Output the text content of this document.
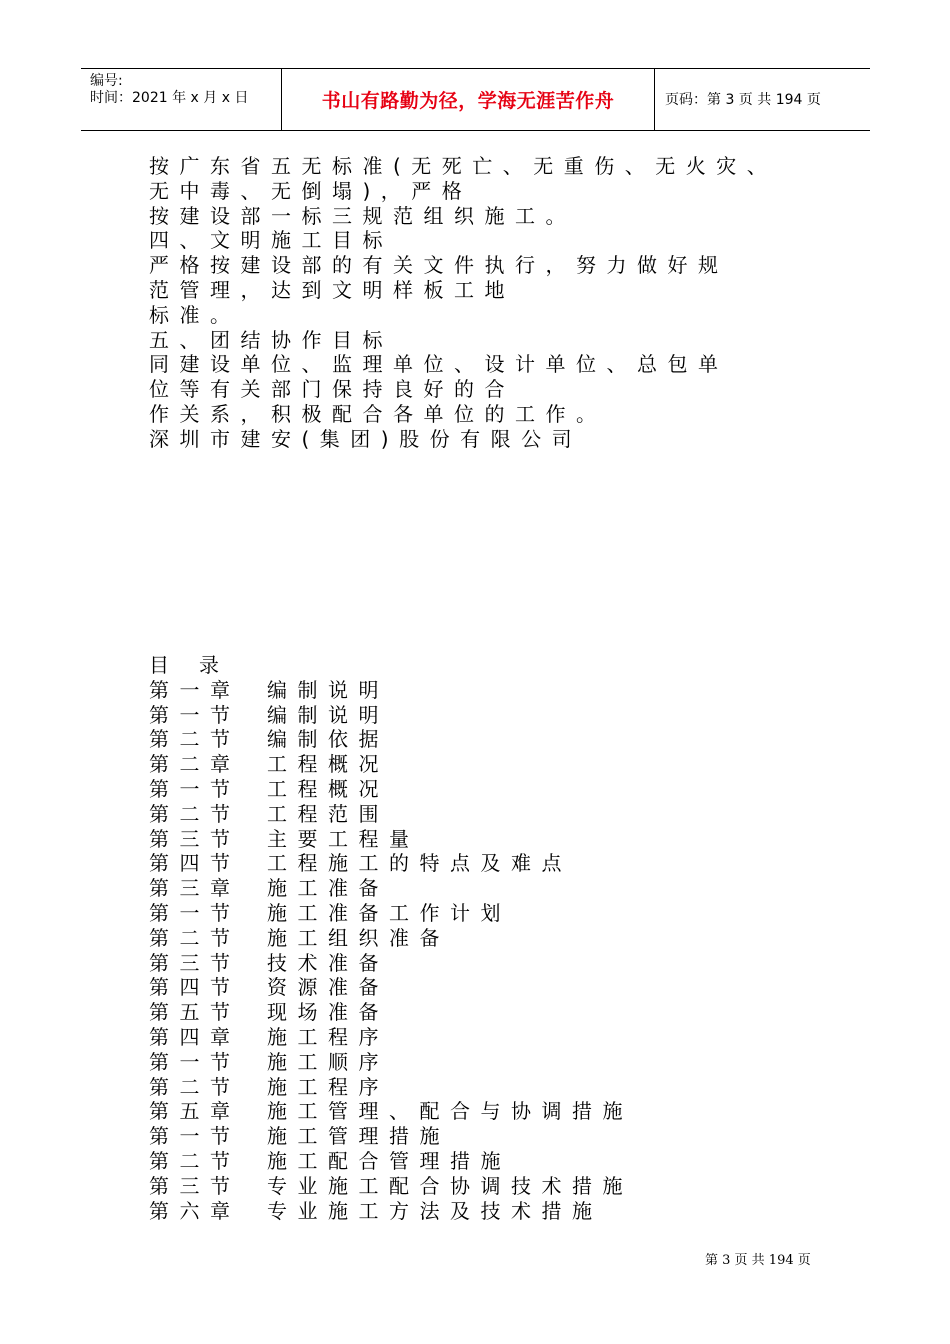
编号:
时间：2021 年 x 月 x 日	书山有路勤为径，学海无涯苦作舟	页码：第 3 页 共 194 页
按广东省五无标准(无死亡、无重伤、无火灾、
无中毒、无倒塌)，严格
按建设部一标三规范组织施工。
四、文明施工目标
严格按建设部的有关文件执行，努力做好规
范管理，达到文明样板工地
标准。
五、团结协作目标
同建设单位、监理单位、设计单位、总包单
位等有关部门保持良好的合
作关系，积极配合各单位的工作。
深圳市建安(集团)股份有限公司
目录
第一章	编制说明
第一节	编制说明
第二节	编制依据
第二章	工程概况
第一节	工程概况
第二节	工程范围
第三节	主要工程量
第四节	工程施工的特点及难点
第三章	施工准备
第一节	施工准备工作计划
第二节	施工组织准备
第三节	技术准备
第四节	资源准备
第五节	现场准备
第四章	施工程序
第一节	施工顺序
第二节	施工程序
第五章	施工管理、配合与协调措施
第一节	施工管理措施
第二节	施工配合管理措施
第三节	专业施工配合协调技术措施
第六章	专业施工方法及技术措施
第 3 页 共 194 页
